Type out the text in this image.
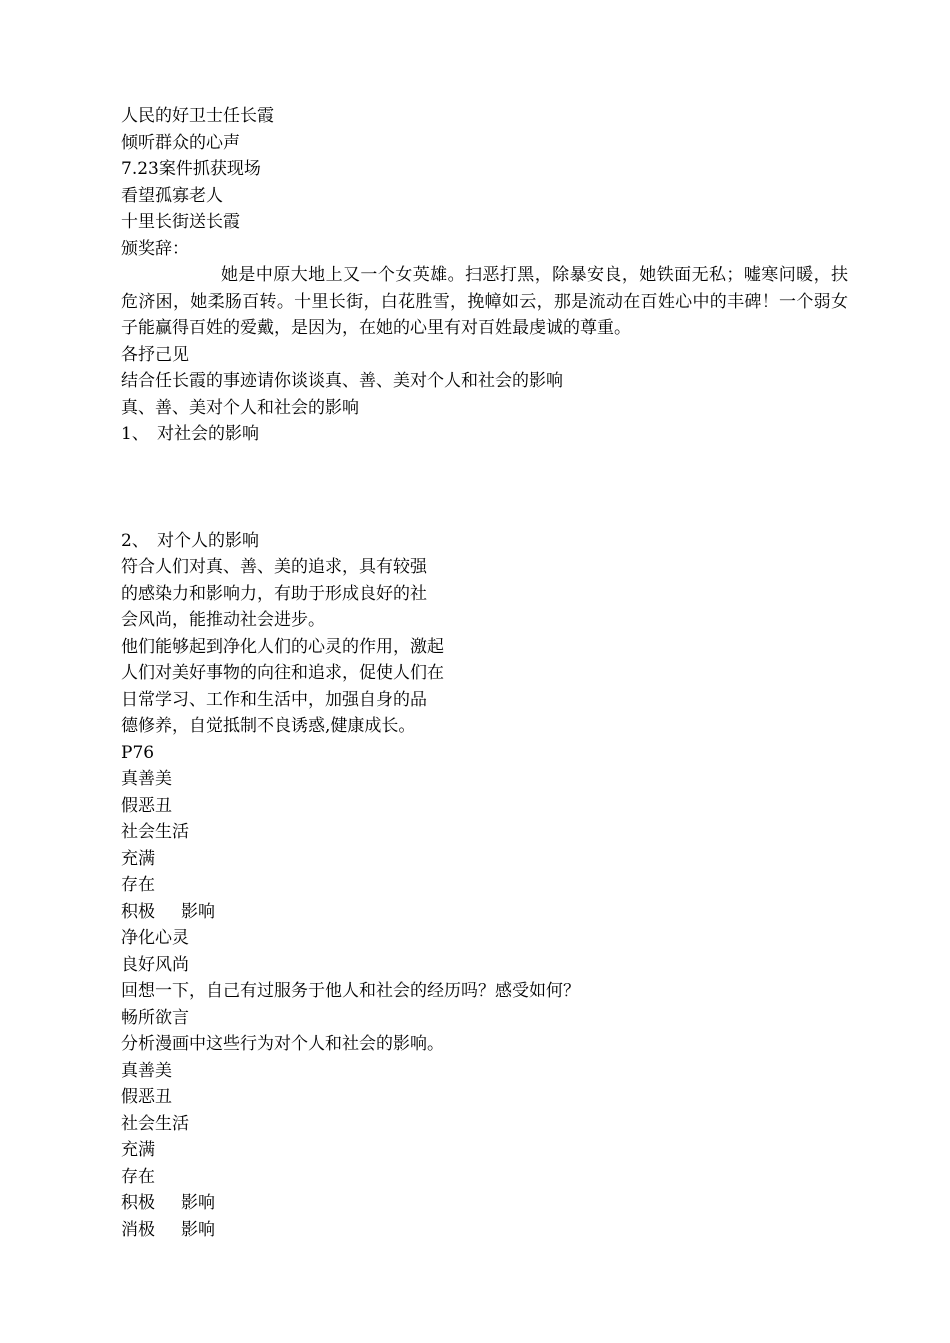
人民的好卫士任长霞
倾听群众的心声
7.23案件抓获现场
看望孤寡老人
十里长街送长霞
颁奖辞：
她是中原大地上又一个女英雄。扫恶打黑，除暴安良，她铁面无私；嘘寒问暖，扶危济困，她柔肠百转。十里长街，白花胜雪，挽幛如云，那是流动在百姓心中的丰碑！一个弱女子能赢得百姓的爱戴，是因为，在她的心里有对百姓最虔诚的尊重。
各抒己见
结合任长霞的事迹请你谈谈真、善、美对个人和社会的影响
真、善、美对个人和社会的影响
1、 对社会的影响
2、 对个人的影响
符合人们对真、善、美的追求，具有较强
的感染力和影响力，有助于形成良好的社
会风尚，能推动社会进步。
他们能够起到净化人们的心灵的作用，激起
人们对美好事物的向往和追求，促使人们在
日常学习、工作和生活中，加强自身的品
德修养，自觉抵制不良诱惑,健康成长。
P76
真善美
假恶丑
社会生活
充满
存在
积极 影响
净化心灵
良好风尚
回想一下，自己有过服务于他人和社会的经历吗？感受如何？
畅所欲言
分析漫画中这些行为对个人和社会的影响。
真善美
假恶丑
社会生活
充满
存在
积极 影响
消极 影响
